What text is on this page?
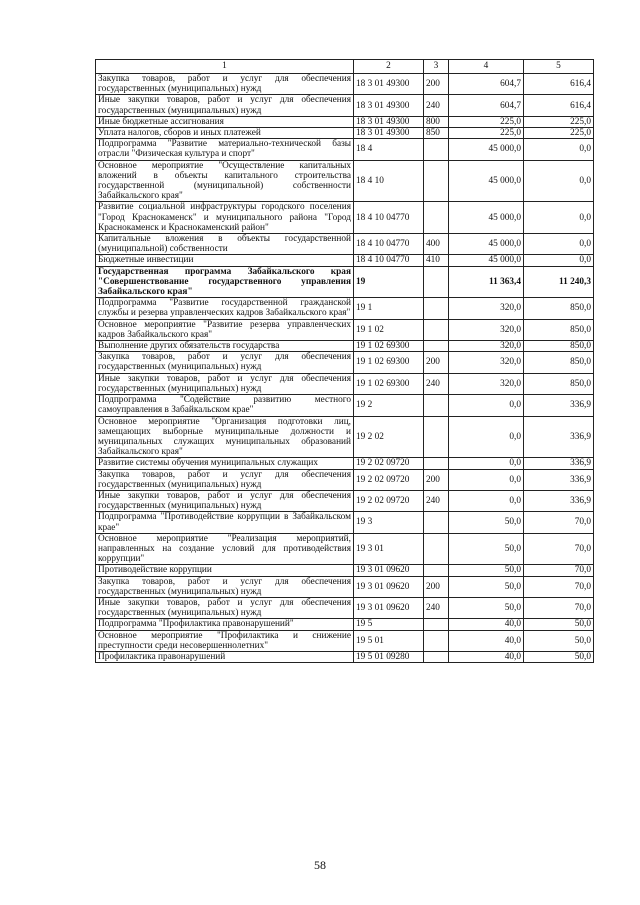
1	2	3	4	5
Закупка товаров, работ и услуг для обеспечения государственных (муниципальных) нужд	18 3 01 49300	200	604,7	616,4
Иные закупки товаров, работ и услуг для обеспечения государственных (муниципальных) нужд	18 3 01 49300	240	604,7	616,4
Иные бюджетные ассигнования	18 3 01 49300	800	225,0	225,0
Уплата налогов, сборов и иных платежей	18 3 01 49300	850	225,0	225,0
Подпрограмма "Развитие материально-технической базы отрасли "Физическая культура и спорт"	18 4		45 000,0	0,0
Основное мероприятие "Осуществление капитальных вложений в объекты капитального строительства государственной (муниципальной) собственности Забайкальского края"	18 4 10		45 000,0	0,0
Развитие социальной инфраструктуры городского поселения "Город Краснокаменск" и муниципального района "Город Краснокаменск и Краснокаменский район"	18 4 10 04770		45 000,0	0,0
Капитальные вложения в объекты государственной (муниципальной) собственности	18 4 10 04770	400	45 000,0	0,0
Бюджетные инвестиции	18 4 10 04770	410	45 000,0	0,0
Государственная программа Забайкальского края "Совершенствование государственного управления Забайкальского края"	19		11 363,4	11 240,3
Подпрограмма "Развитие государственной гражданской службы и резерва управленческих кадров Забайкальского края"	19 1		320,0	850,0
Основное мероприятие "Развитие резерва управленческих кадров Забайкальского края"	19 1 02		320,0	850,0
Выполнение других обязательств государства	19 1 02 69300		320,0	850,0
Закупка товаров, работ и услуг для обеспечения государственных (муниципальных) нужд	19 1 02 69300	200	320,0	850,0
Иные закупки товаров, работ и услуг для обеспечения государственных (муниципальных) нужд	19 1 02 69300	240	320,0	850,0
Подпрограмма "Содействие развитию местного самоуправления в Забайкальском крае"	19 2		0,0	336,9
Основное мероприятие "Организация подготовки лиц, замещающих выборные муниципальные должности и муниципальных служащих муниципальных образований Забайкальского края"	19 2 02		0,0	336,9
Развитие системы обучения муниципальных служащих	19 2 02 09720		0,0	336,9
Закупка товаров, работ и услуг для обеспечения государственных (муниципальных) нужд	19 2 02 09720	200	0,0	336,9
Иные закупки товаров, работ и услуг для обеспечения государственных (муниципальных) нужд	19 2 02 09720	240	0,0	336,9
Подпрограмма "Противодействие коррупции в Забайкальском крае"	19 3		50,0	70,0
Основное мероприятие "Реализация мероприятий, направленных на создание условий для противодействия коррупции"	19 3 01		50,0	70,0
Противодействие коррупции	19 3 01 09620		50,0	70,0
Закупка товаров, работ и услуг для обеспечения государственных (муниципальных) нужд	19 3 01 09620	200	50,0	70,0
Иные закупки товаров, работ и услуг для обеспечения государственных (муниципальных) нужд	19 3 01 09620	240	50,0	70,0
Подпрограмма "Профилактика правонарушений"	19 5		40,0	50,0
Основное мероприятие "Профилактика и снижение преступности среди несовершеннолетних"	19 5 01		40,0	50,0
Профилактика правонарушений	19 5 01 09280		40,0	50,0
58
